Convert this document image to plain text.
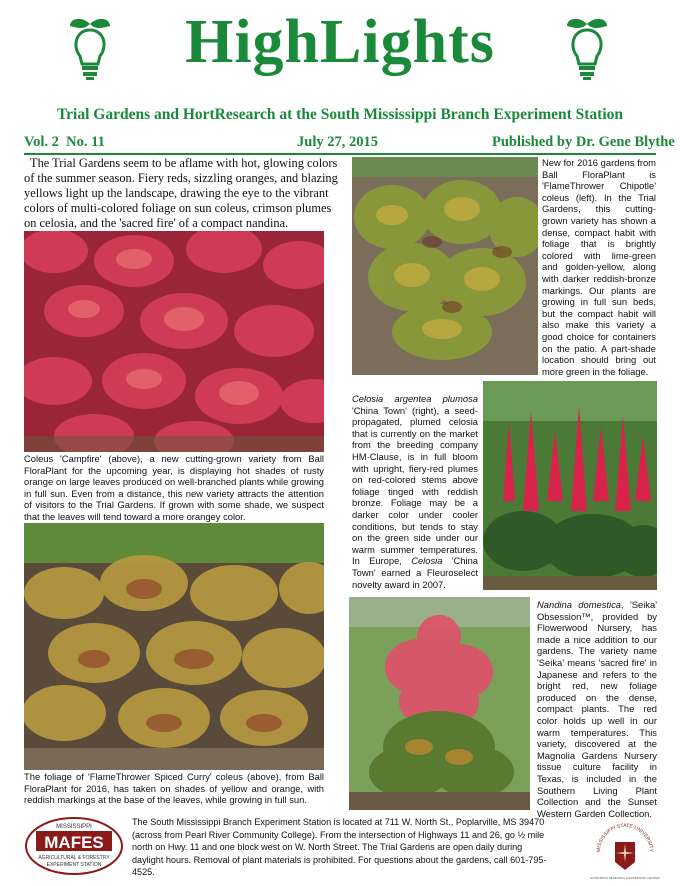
HighLights
Trial Gardens and HortResearch at the South Mississippi Branch Experiment Station
Vol. 2 No. 11	July 27, 2015	Published by Dr. Gene Blythe
The Trial Gardens seem to be aflame with hot, glowing colors of the summer season. Fiery reds, sizzling oranges, and blazing yellows light up the landscape, drawing the eye to the vibrant colors of multi-colored foliage on sun coleus, crimson plumes on celosia, and the 'sacred fire' of a compact nandina.
Coleus 'Campfire' (above), a new cutting-grown variety from Ball FloraPlant for the upcoming year, is displaying hot shades of rusty orange on large leaves produced on well-branched plants while growing in full sun. Even from a distance, this new variety attracts the attention of visitors to the Trial Gardens. If grown with some shade, we suspect that the leaves will tend toward a more orangey color.
The foliage of 'FlameThrower Spiced Curry' coleus (above), from Ball FloraPlant for 2016, has taken on shades of yellow and orange, with reddish markings at the base of the leaves, while growing in full sun.
New for 2016 gardens from Ball FloraPlant is 'FlameThrower Chipotle' coleus (left). In the Trial Gardens, this cutting-grown variety has shown a dense, compact habit with foliage that is brightly colored with lime-green and golden-yellow, along with darker reddish-bronze markings. Our plants are growing in full sun beds, but the compact habit will also make this variety a good choice for containers on the patio. A part-shade location should bring out more green in the foliage.
Celosia argentea plumosa 'China Town' (right), a seed-propagated, plumed celosia that is currently on the market from the breeding company HM·Clause, is in full bloom with upright, fiery-red plumes on red-colored stems above foliage tinged with reddish bronze. Foliage may be a darker color under cooler conditions, but tends to stay on the green side under our warm summer temperatures. In Europe, Celosia 'China Town' earned a Fleuroselect novelty award in 2007.
Nandina domestica, 'Seika' Obsession™, provided by Flowerwood Nursery, has made a nice addition to our gardens. The variety name 'Seika' means 'sacred fire' in Japanese and refers to the bright red, new foliage produced on the dense, compact plants. The red color holds up well in our warm temperatures. This variety, discovered at the Magnolia Gardens Nursery tissue culture facility in Texas, is included in the Southern Living Plant Collection and the Sunset Western Garden Collection.
MISSISSIPPI
MAFES
AGRICULTURAL & FORESTRY
EXPERIMENT STATION
The South Mississippi Branch Experiment Station is located at 711 W. North St., Poplarville, MS 39470 (across from Pearl River Community College). From the intersection of Highways 11 and 26, go ½ mile north on Hwy. 11 and one block west on W. North Street. The Trial Gardens are open daily during daylight hours. Removal of plant materials is prohibited. For questions about the gardens, call 601-795-4525.
MISSISSIPPI STATE UNIVERSITY
EXTENSION RESEARCH & EXTENSION CENTER
